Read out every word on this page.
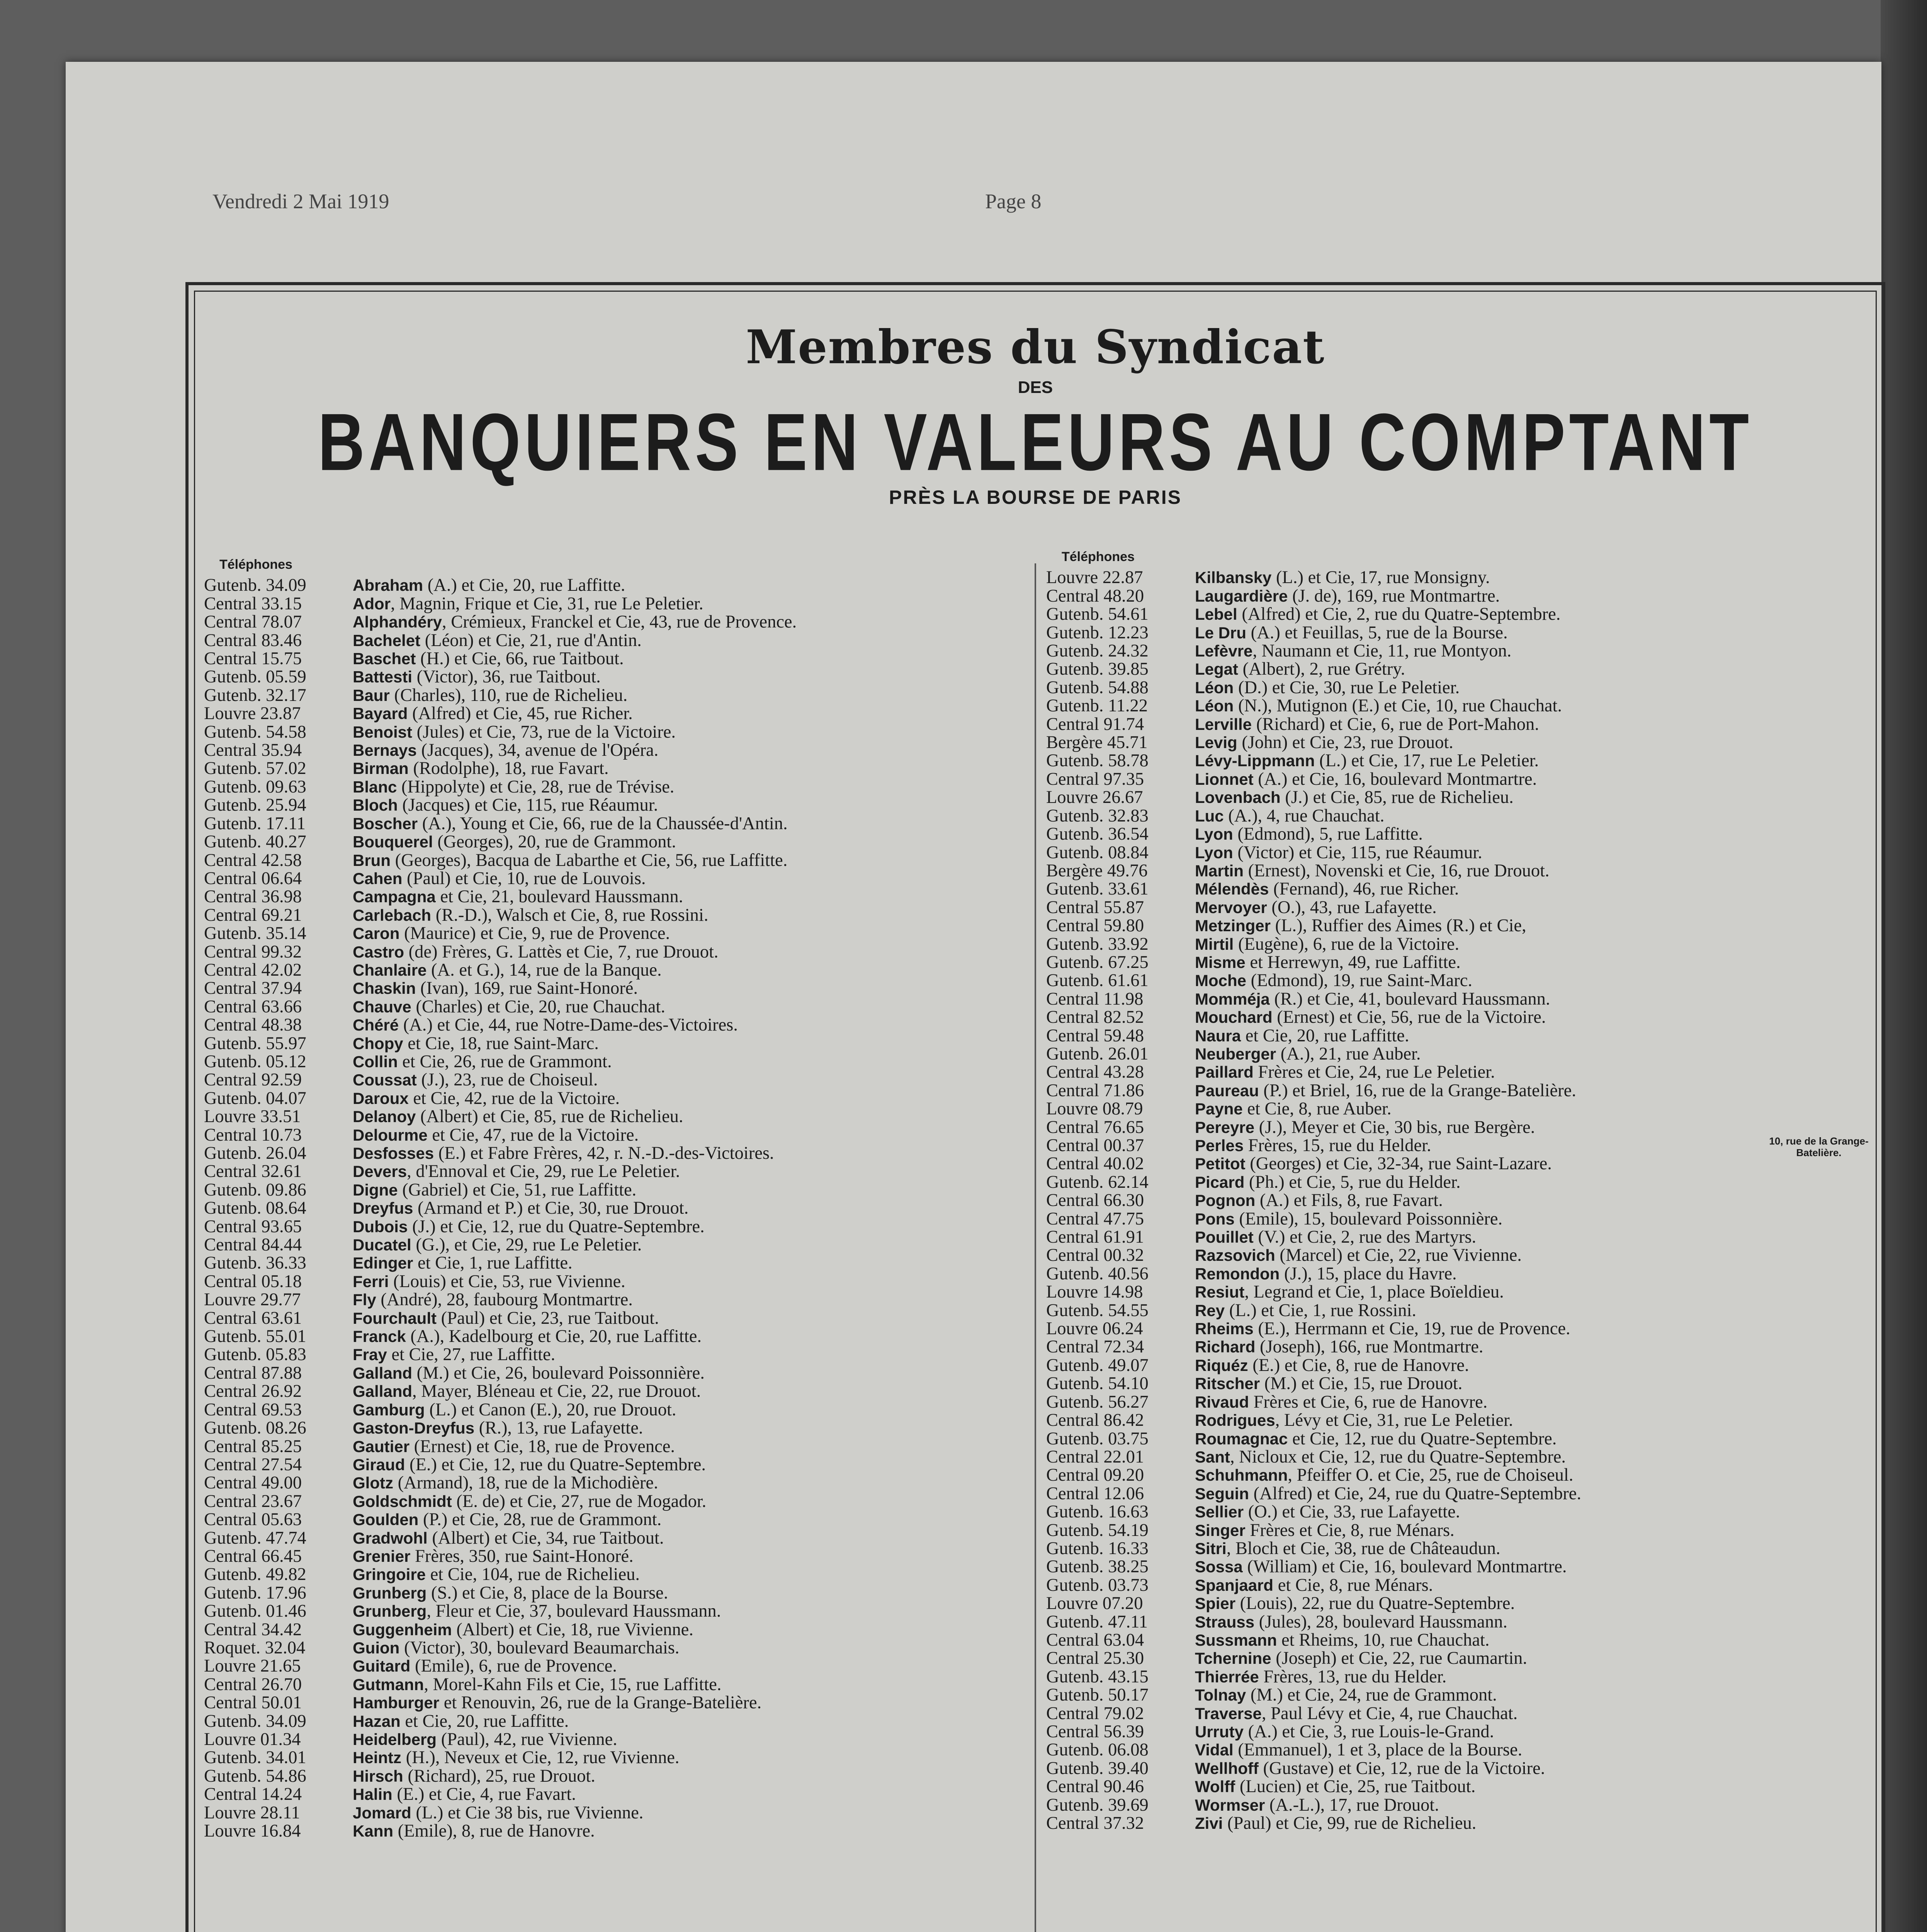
Vendredi 2 Mai 1919	Page 8
Membres du Syndicat
DES
BANQUIERS EN VALEURS AU COMPTANT
PRÈS LA BOURSE DE PARIS
Téléphones
Gutenb. 34.09	Abraham (A.) et Cie, 20, rue Laffitte.
Central 33.15	Ador, Magnin, Frique et Cie, 31, rue Le Peletier.
Central 78.07	Alphandéry, Crémieux, Franckel et Cie, 43, rue de Provence.
Central 83.46	Bachelet (Léon) et Cie, 21, rue d'Antin.
Central 15.75	Baschet (H.) et Cie, 66, rue Taitbout.
Gutenb. 05.59	Battesti (Victor), 36, rue Taitbout.
Gutenb. 32.17	Baur (Charles), 110, rue de Richelieu.
Louvre 23.87	Bayard (Alfred) et Cie, 45, rue Richer.
Gutenb. 54.58	Benoist (Jules) et Cie, 73, rue de la Victoire.
Central 35.94	Bernays (Jacques), 34, avenue de l'Opéra.
Gutenb. 57.02	Birman (Rodolphe), 18, rue Favart.
Gutenb. 09.63	Blanc (Hippolyte) et Cie, 28, rue de Trévise.
Gutenb. 25.94	Bloch (Jacques) et Cie, 115, rue Réaumur.
Gutenb. 17.11	Boscher (A.), Young et Cie, 66, rue de la Chaussée-d'Antin.
Gutenb. 40.27	Bouquerel (Georges), 20, rue de Grammont.
Central 42.58	Brun (Georges), Bacqua de Labarthe et Cie, 56, rue Laffitte.
Central 06.64	Cahen (Paul) et Cie, 10, rue de Louvois.
Central 36.98	Campagna et Cie, 21, boulevard Haussmann.
Central 69.21	Carlebach (R.-D.), Walsch et Cie, 8, rue Rossini.
Gutenb. 35.14	Caron (Maurice) et Cie, 9, rue de Provence.
Central 99.32	Castro (de) Frères, G. Lattès et Cie, 7, rue Drouot.
Central 42.02	Chanlaire (A. et G.), 14, rue de la Banque.
Central 37.94	Chaskin (Ivan), 169, rue Saint-Honoré.
Central 63.66	Chauve (Charles) et Cie, 20, rue Chauchat.
Central 48.38	Chéré (A.) et Cie, 44, rue Notre-Dame-des-Victoires.
Gutenb. 55.97	Chopy et Cie, 18, rue Saint-Marc.
Gutenb. 05.12	Collin et Cie, 26, rue de Grammont.
Central 92.59	Coussat (J.), 23, rue de Choiseul.
Gutenb. 04.07	Daroux et Cie, 42, rue de la Victoire.
Louvre 33.51	Delanoy (Albert) et Cie, 85, rue de Richelieu.
Central 10.73	Delourme et Cie, 47, rue de la Victoire.
Gutenb. 26.04	Desfosses (E.) et Fabre Frères, 42, r. N.-D.-des-Victoires.
Central 32.61	Devers, d'Ennoval et Cie, 29, rue Le Peletier.
Gutenb. 09.86	Digne (Gabriel) et Cie, 51, rue Laffitte.
Gutenb. 08.64	Dreyfus (Armand et P.) et Cie, 30, rue Drouot.
Central 93.65	Dubois (J.) et Cie, 12, rue du Quatre-Septembre.
Central 84.44	Ducatel (G.), et Cie, 29, rue Le Peletier.
Gutenb. 36.33	Edinger et Cie, 1, rue Laffitte.
Central 05.18	Ferri (Louis) et Cie, 53, rue Vivienne.
Louvre 29.77	Fly (André), 28, faubourg Montmartre.
Central 63.61	Fourchault (Paul) et Cie, 23, rue Taitbout.
Gutenb. 55.01	Franck (A.), Kadelbourg et Cie, 20, rue Laffitte.
Gutenb. 05.83	Fray et Cie, 27, rue Laffitte.
Central 87.88	Galland (M.) et Cie, 26, boulevard Poissonnière.
Central 26.92	Galland, Mayer, Bléneau et Cie, 22, rue Drouot.
Central 69.53	Gamburg (L.) et Canon (E.), 20, rue Drouot.
Gutenb. 08.26	Gaston-Dreyfus (R.), 13, rue Lafayette.
Central 85.25	Gautier (Ernest) et Cie, 18, rue de Provence.
Central 27.54	Giraud (E.) et Cie, 12, rue du Quatre-Septembre.
Central 49.00	Glotz (Armand), 18, rue de la Michodière.
Central 23.67	Goldschmidt (E. de) et Cie, 27, rue de Mogador.
Central 05.63	Goulden (P.) et Cie, 28, rue de Grammont.
Gutenb. 47.74	Gradwohl (Albert) et Cie, 34, rue Taitbout.
Central 66.45	Grenier Frères, 350, rue Saint-Honoré.
Gutenb. 49.82	Gringoire et Cie, 104, rue de Richelieu.
Gutenb. 17.96	Grunberg (S.) et Cie, 8, place de la Bourse.
Gutenb. 01.46	Grunberg, Fleur et Cie, 37, boulevard Haussmann.
Central 34.42	Guggenheim (Albert) et Cie, 18, rue Vivienne.
Roquet. 32.04	Guion (Victor), 30, boulevard Beaumarchais.
Louvre 21.65	Guitard (Emile), 6, rue de Provence.
Central 26.70	Gutmann, Morel-Kahn Fils et Cie, 15, rue Laffitte.
Central 50.01	Hamburger et Renouvin, 26, rue de la Grange-Batelière.
Gutenb. 34.09	Hazan et Cie, 20, rue Laffitte.
Louvre 01.34	Heidelberg (Paul), 42, rue Vivienne.
Gutenb. 34.01	Heintz (H.), Neveux et Cie, 12, rue Vivienne.
Gutenb. 54.86	Hirsch (Richard), 25, rue Drouot.
Central 14.24	Halin (E.) et Cie, 4, rue Favart.
Louvre 28.11	Jomard (L.) et Cie 38 bis, rue Vivienne.
Louvre 16.84	Kann (Emile), 8, rue de Hanovre.
Téléphones
Louvre 22.87	Kilbansky (L.) et Cie, 17, rue Monsigny.
Central 48.20	Laugardière (J. de), 169, rue Montmartre.
Gutenb. 54.61	Lebel (Alfred) et Cie, 2, rue du Quatre-Septembre.
Gutenb. 12.23	Le Dru (A.) et Feuillas, 5, rue de la Bourse.
Gutenb. 24.32	Lefèvre, Naumann et Cie, 11, rue Montyon.
Gutenb. 39.85	Legat (Albert), 2, rue Grétry.
Gutenb. 54.88	Léon (D.) et Cie, 30, rue Le Peletier.
Gutenb. 11.22	Léon (N.), Mutignon (E.) et Cie, 10, rue Chauchat.
Central 91.74	Lerville (Richard) et Cie, 6, rue de Port-Mahon.
Bergère 45.71	Levig (John) et Cie, 23, rue Drouot.
Gutenb. 58.78	Lévy-Lippmann (L.) et Cie, 17, rue Le Peletier.
Central 97.35	Lionnet (A.) et Cie, 16, boulevard Montmartre.
Louvre 26.67	Lovenbach (J.) et Cie, 85, rue de Richelieu.
Gutenb. 32.83	Luc (A.), 4, rue Chauchat.
Gutenb. 36.54	Lyon (Edmond), 5, rue Laffitte.
Gutenb. 08.84	Lyon (Victor) et Cie, 115, rue Réaumur.
Bergère 49.76	Martin (Ernest), Novenski et Cie, 16, rue Drouot.
Gutenb. 33.61	Mélendès (Fernand), 46, rue Richer.
Central 55.87	Mervoyer (O.), 43, rue Lafayette.
Central 59.80	Metzinger (L.), Ruffier des Aimes (R.) et Cie,
Gutenb. 33.92	Mirtil (Eugène), 6, rue de la Victoire.
Gutenb. 67.25	Misme et Herrewyn, 49, rue Laffitte.
Gutenb. 61.61	Moche (Edmond), 19, rue Saint-Marc.
Central 11.98	Momméja (R.) et Cie, 41, boulevard Haussmann.
Central 82.52	Mouchard (Ernest) et Cie, 56, rue de la Victoire.
Central 59.48	Naura et Cie, 20, rue Laffitte.
Gutenb. 26.01	Neuberger (A.), 21, rue Auber.
Central 43.28	Paillard Frères et Cie, 24, rue Le Peletier.
Central 71.86	Paureau (P.) et Briel, 16, rue de la Grange-Batelière.
Louvre 08.79	Payne et Cie, 8, rue Auber.
Central 76.65	Pereyre (J.), Meyer et Cie, 30 bis, rue Bergère.
Central 00.37	Perles Frères, 15, rue du Helder.
Central 40.02	Petitot (Georges) et Cie, 32-34, rue Saint-Lazare.
Gutenb. 62.14	Picard (Ph.) et Cie, 5, rue du Helder.
Central 66.30	Pognon (A.) et Fils, 8, rue Favart.
Central 47.75	Pons (Emile), 15, boulevard Poissonnière.
Central 61.91	Pouillet (V.) et Cie, 2, rue des Martyrs.
Central 00.32	Razsovich (Marcel) et Cie, 22, rue Vivienne.
Gutenb. 40.56	Remondon (J.), 15, place du Havre.
Louvre 14.98	Resiut, Legrand et Cie, 1, place Boïeldieu.
Gutenb. 54.55	Rey (L.) et Cie, 1, rue Rossini.
Louvre 06.24	Rheims (E.), Herrmann et Cie, 19, rue de Provence.
Central 72.34	Richard (Joseph), 166, rue Montmartre.
Gutenb. 49.07	Riquéz (E.) et Cie, 8, rue de Hanovre.
Gutenb. 54.10	Ritscher (M.) et Cie, 15, rue Drouot.
Gutenb. 56.27	Rivaud Frères et Cie, 6, rue de Hanovre.
Central 86.42	Rodrigues, Lévy et Cie, 31, rue Le Peletier.
Gutenb. 03.75	Roumagnac et Cie, 12, rue du Quatre-Septembre.
Central 22.01	Sant, Nicloux et Cie, 12, rue du Quatre-Septembre.
Central 09.20	Schuhmann, Pfeiffer O. et Cie, 25, rue de Choiseul.
Central 12.06	Seguin (Alfred) et Cie, 24, rue du Quatre-Septembre.
Gutenb. 16.63	Sellier (O.) et Cie, 33, rue Lafayette.
Gutenb. 54.19	Singer Frères et Cie, 8, rue Ménars.
Gutenb. 16.33	Sitri, Bloch et Cie, 38, rue de Châteaudun.
Gutenb. 38.25	Sossa (William) et Cie, 16, boulevard Montmartre.
Gutenb. 03.73	Spanjaard et Cie, 8, rue Ménars.
Louvre 07.20	Spier (Louis), 22, rue du Quatre-Septembre.
Gutenb. 47.11	Strauss (Jules), 28, boulevard Haussmann.
Central 63.04	Sussmann et Rheims, 10, rue Chauchat.
Central 25.30	Tchernine (Joseph) et Cie, 22, rue Caumartin.
Gutenb. 43.15	Thierrée Frères, 13, rue du Helder.
Gutenb. 50.17	Tolnay (M.) et Cie, 24, rue de Grammont.
Central 79.02	Traverse, Paul Lévy et Cie, 4, rue Chauchat.
Central 56.39	Urruty (A.) et Cie, 3, rue Louis-le-Grand.
Gutenb. 06.08	Vidal (Emmanuel), 1 et 3, place de la Bourse.
Gutenb. 39.40	Wellhoff (Gustave) et Cie, 12, rue de la Victoire.
Central 90.46	Wolff (Lucien) et Cie, 25, rue Taitbout.
Gutenb. 39.69	Wormser (A.-L.), 17, rue Drouot.
Central 37.32	Zivi (Paul) et Cie, 99, rue de Richelieu.
10, rue de la Grange-Batelière.
